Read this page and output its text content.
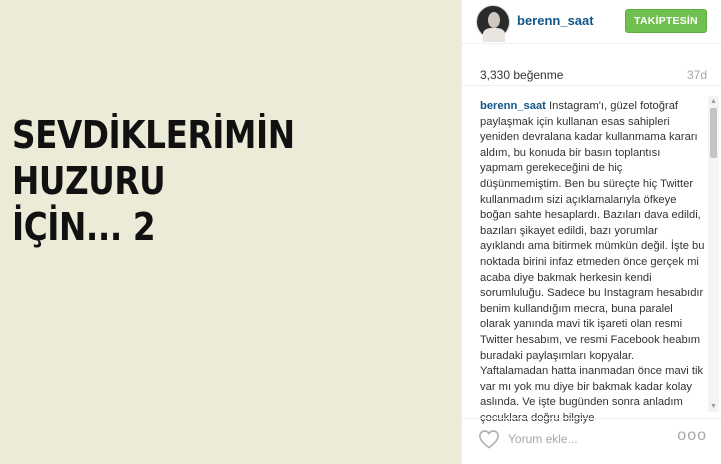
SEVDİKLERİMİN HUZURU
İÇİN... 2
berenn_saat	TAKİPTESİN
3,330 beğenme	37d
berenn_saat Instagram'ı, güzel fotoğraf paylaşmak için kullanan esas sahipleri yeniden devralana kadar kullanmama kararı aldım, bu konuda bir basın toplantısı yapmam gerekeceğini de hiç düşünmemiştim. Ben bu süreçte hiç Twitter kullanmadım sizi açıklamalarıyla öfkeye boğan sahte hesaplardı. Bazıları dava edildi, bazıları şikayet edildi, bazı yorumlar ayıklandı ama bitirmek mümkün değil. İşte bu noktada birini infaz etmeden önce gerçek mi acaba diye bakmak herkesin kendi sorumluluğu. Sadece bu Instagram hesabıdır benim kullandığım mecra, buna paralel olarak yanında mavi tik işareti olan resmi Twitter hesabım, ve resmi Facebook heabım buradaki paylaşımları kopyalar. Yaftalamadan hatta inanmadan önce mavi tik var mı yok mu diye bir bakmak kadar kolay aslında. Ve işte bugünden sonra anladım çocuklara doğru bilgiye
▲
▼
Yorum ekle...
ooo
